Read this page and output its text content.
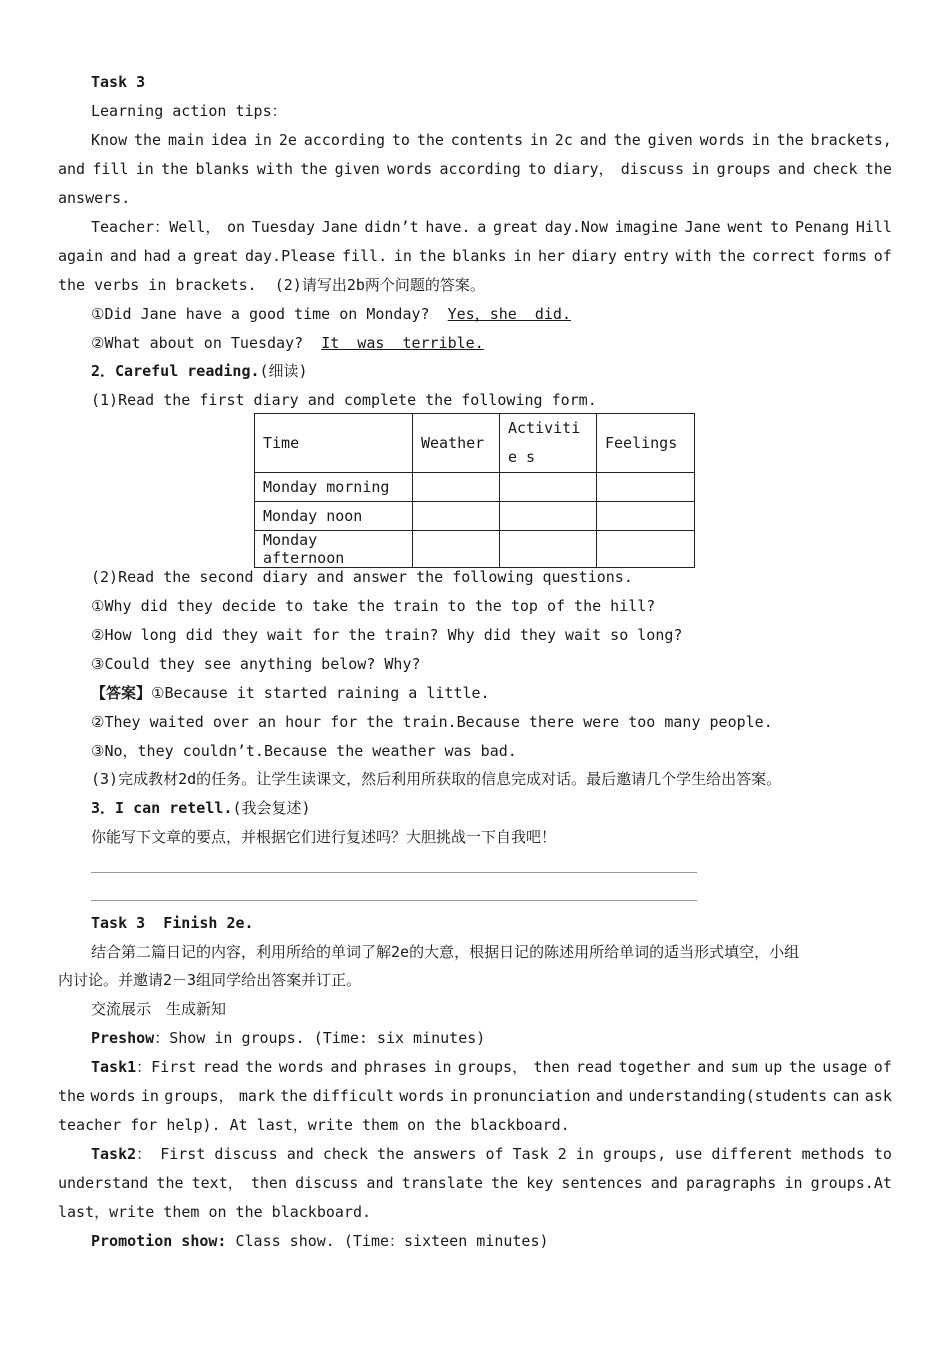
Task 3
Learning action tips：
Know the main idea in 2e according to the contents in 2c and the given words in the brackets,
and fill in the blanks with the given words according to diary， discuss in groups and check the
answers.
Teacher：Well， on Tuesday Jane didn’t have. a great day.Now imagine Jane went to Penang Hill
again and had a great day.Please fill. in the blanks in her diary entry with the correct forms of
the verbs in brackets.  (2)请写出2b两个问题的答案。
①Did Jane have a good time on Monday?  Yes，she  did.
②What about on Tuesday?  It  was  terrible.
2．Careful reading.(细读)
(1)Read the first diary and complete the following form.
Time	Weather	Activitie s	Feelings
Monday morning			
Monday noon			
Monday afternoon			
(2)Read the second diary and answer the following questions.
①Why did they decide to take the train to the top of the hill?
②How long did they wait for the train? Why did they wait so long?
③Could they see anything below? Why?
【答案】①Because it started raining a little.
②They waited over an hour for the train.Because there were too many people.
③No，they couldn’t.Because the weather was bad.
(3)完成教材2d的任务。让学生读课文，然后利用所获取的信息完成对话。最后邀请几个学生给出答案。
3．I can retell.(我会复述)
你能写下文章的要点，并根据它们进行复述吗？大胆挑战一下自我吧！
Task 3  Finish 2e.
结合第二篇日记的内容，利用所给的单词了解2e的大意，根据日记的陈述用所给单词的适当形式填空，小组
内讨论。并邀请2－3组同学给出答案并订正。
交流展示　生成新知
Preshow：Show in groups. (Time: six minutes)
Task1 ：First read the words and phrases in groups， then read together and sum up the usage of
the words in groups， mark the difficult words in pronunciation and understanding(students can ask
teacher for help). At last，write them on the blackboard.
Task2 ： First discuss and check the answers of Task 2 in groups, use different methods to
understand the text， then discuss and translate the key sentences and paragraphs in groups.At
last，write them on the blackboard.
Promotion show: Class show. (Time：sixteen minutes)
